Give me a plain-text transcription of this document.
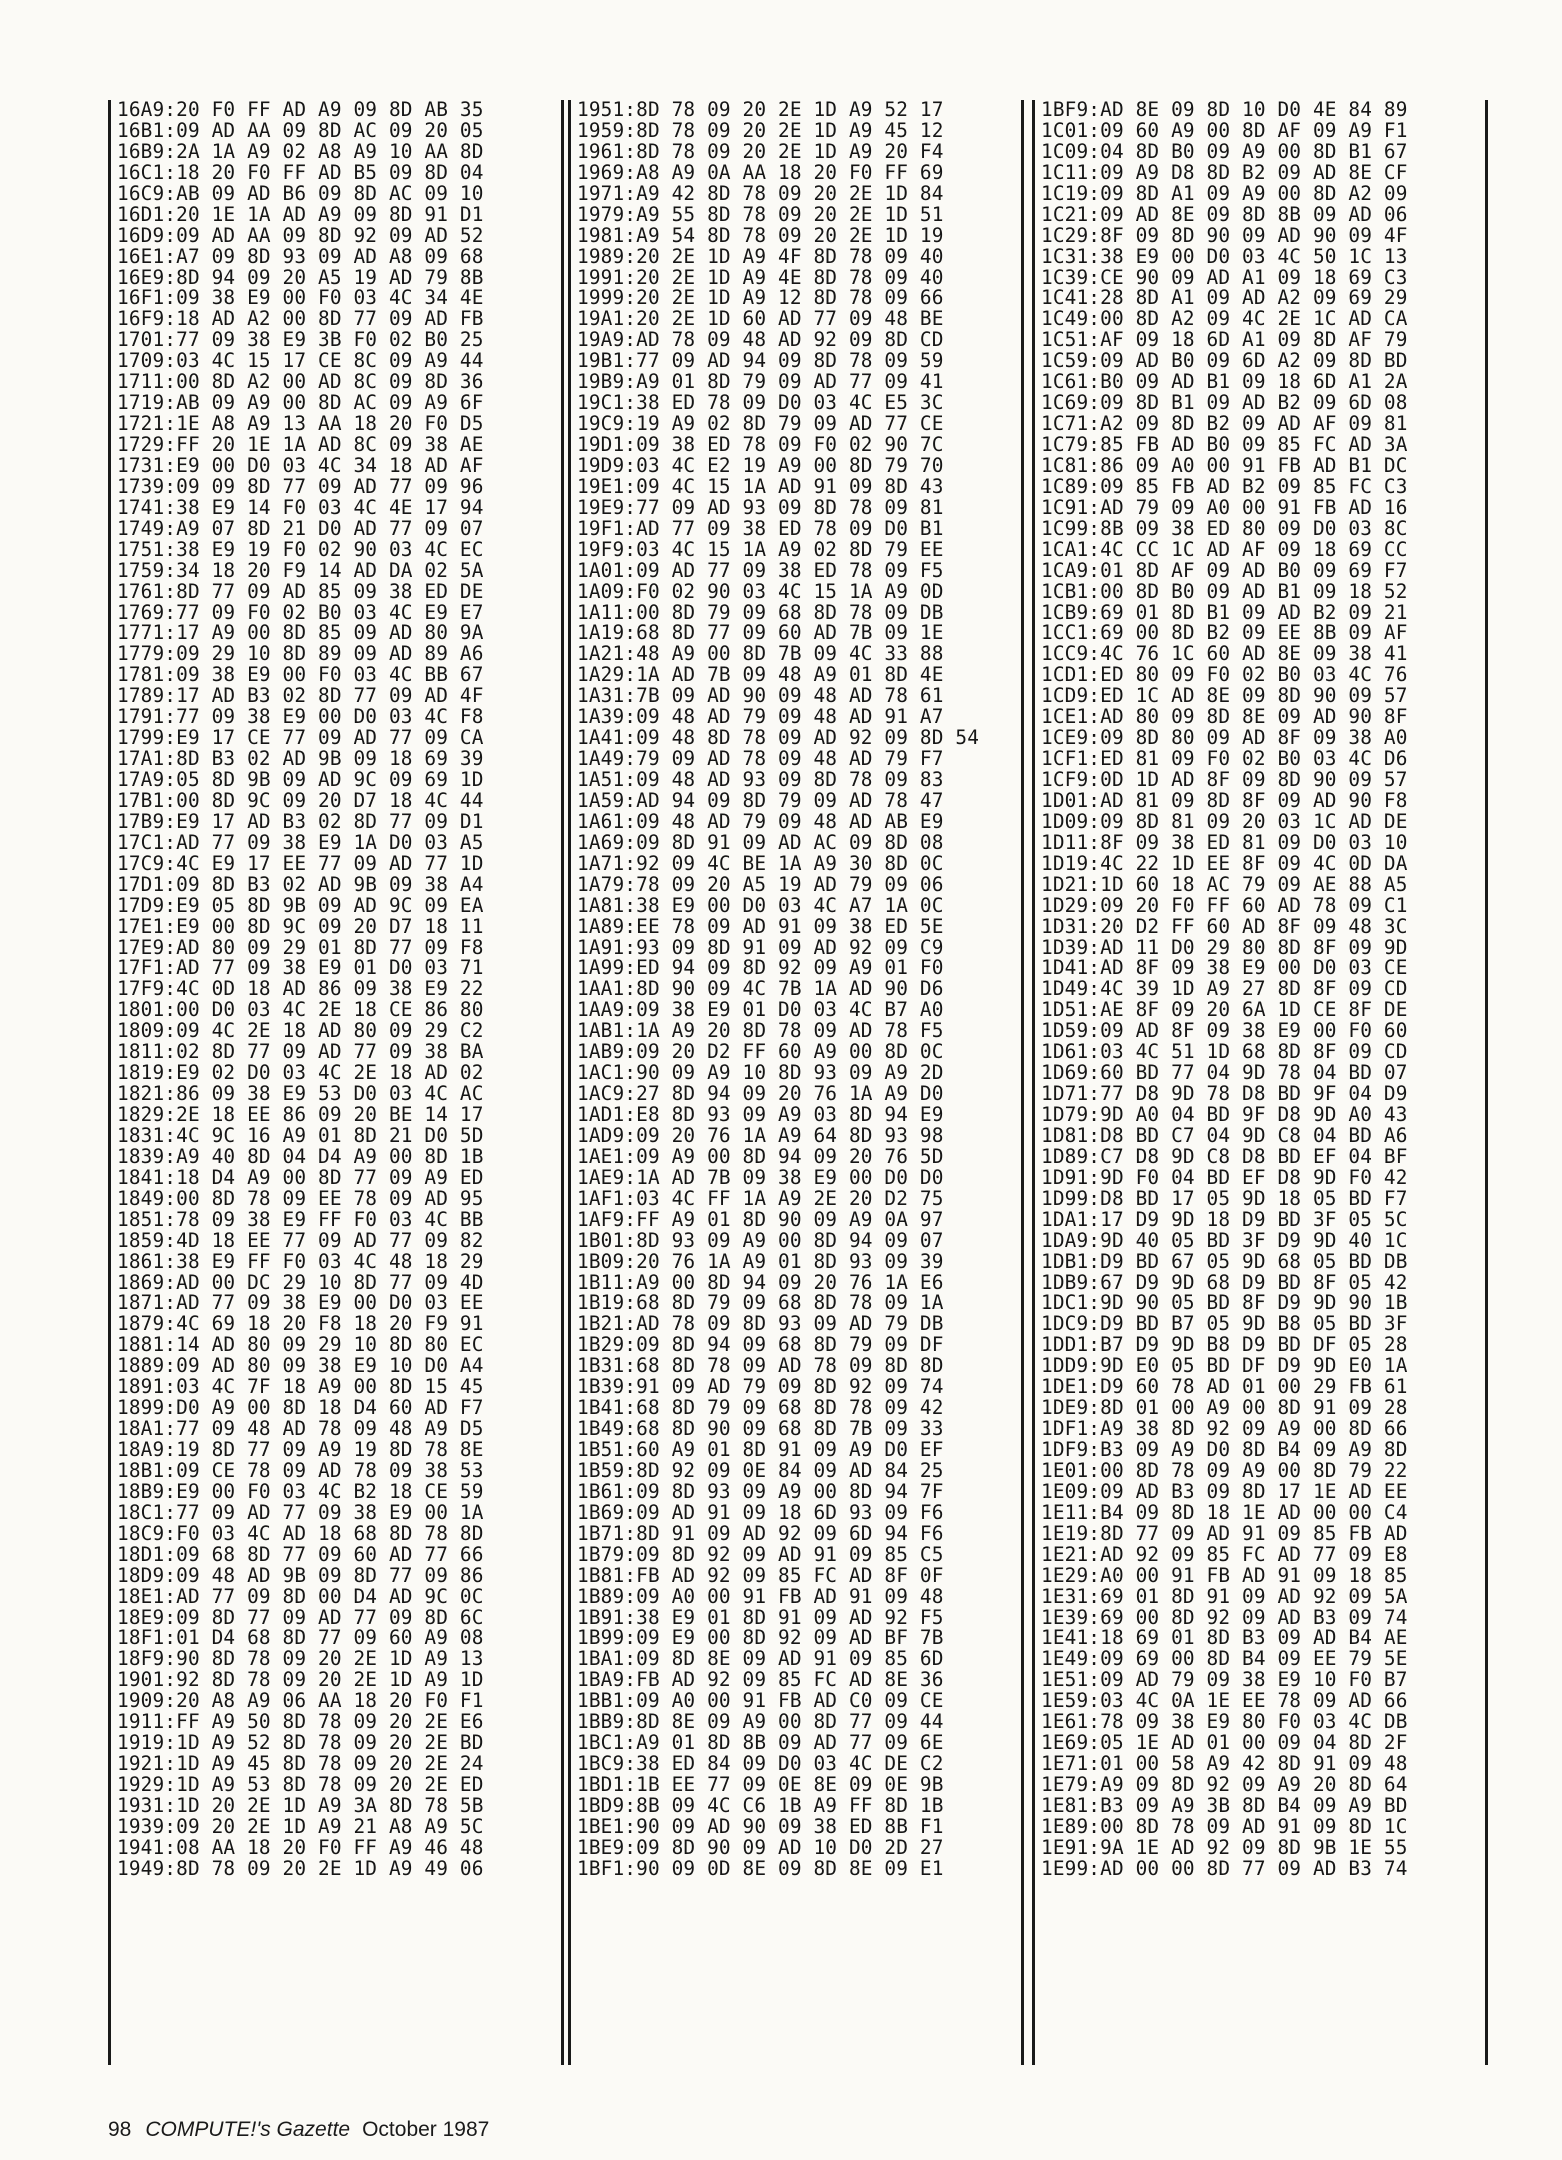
16A9:20 F0 FF AD A9 09 8D AB 35
16B1:09 AD AA 09 8D AC 09 20 05
16B9:2A 1A A9 02 A8 A9 10 AA 8D
16C1:18 20 F0 FF AD B5 09 8D 04
16C9:AB 09 AD B6 09 8D AC 09 10
16D1:20 1E 1A AD A9 09 8D 91 D1
16D9:09 AD AA 09 8D 92 09 AD 52
16E1:A7 09 8D 93 09 AD A8 09 68
16E9:8D 94 09 20 A5 19 AD 79 8B
16F1:09 38 E9 00 F0 03 4C 34 4E
16F9:18 AD A2 00 8D 77 09 AD FB
1701:77 09 38 E9 3B F0 02 B0 25
1709:03 4C 15 17 CE 8C 09 A9 44
1711:00 8D A2 00 AD 8C 09 8D 36
1719:AB 09 A9 00 8D AC 09 A9 6F
1721:1E A8 A9 13 AA 18 20 F0 D5
1729:FF 20 1E 1A AD 8C 09 38 AE
1731:E9 00 D0 03 4C 34 18 AD AF
1739:09 09 8D 77 09 AD 77 09 96
1741:38 E9 14 F0 03 4C 4E 17 94
1749:A9 07 8D 21 D0 AD 77 09 07
1751:38 E9 19 F0 02 90 03 4C EC
1759:34 18 20 F9 14 AD DA 02 5A
1761:8D 77 09 AD 85 09 38 ED DE
1769:77 09 F0 02 B0 03 4C E9 E7
1771:17 A9 00 8D 85 09 AD 80 9A
1779:09 29 10 8D 89 09 AD 89 A6
1781:09 38 E9 00 F0 03 4C BB 67
1789:17 AD B3 02 8D 77 09 AD 4F
1791:77 09 38 E9 00 D0 03 4C F8
1799:E9 17 CE 77 09 AD 77 09 CA
17A1:8D B3 02 AD 9B 09 18 69 39
17A9:05 8D 9B 09 AD 9C 09 69 1D
17B1:00 8D 9C 09 20 D7 18 4C 44
17B9:E9 17 AD B3 02 8D 77 09 D1
17C1:AD 77 09 38 E9 1A D0 03 A5
17C9:4C E9 17 EE 77 09 AD 77 1D
17D1:09 8D B3 02 AD 9B 09 38 A4
17D9:E9 05 8D 9B 09 AD 9C 09 EA
17E1:E9 00 8D 9C 09 20 D7 18 11
17E9:AD 80 09 29 01 8D 77 09 F8
17F1:AD 77 09 38 E9 01 D0 03 71
17F9:4C 0D 18 AD 86 09 38 E9 22
1801:00 D0 03 4C 2E 18 CE 86 80
1809:09 4C 2E 18 AD 80 09 29 C2
1811:02 8D 77 09 AD 77 09 38 BA
1819:E9 02 D0 03 4C 2E 18 AD 02
1821:86 09 38 E9 53 D0 03 4C AC
1829:2E 18 EE 86 09 20 BE 14 17
1831:4C 9C 16 A9 01 8D 21 D0 5D
1839:A9 40 8D 04 D4 A9 00 8D 1B
1841:18 D4 A9 00 8D 77 09 A9 ED
1849:00 8D 78 09 EE 78 09 AD 95
1851:78 09 38 E9 FF F0 03 4C BB
1859:4D 18 EE 77 09 AD 77 09 82
1861:38 E9 FF F0 03 4C 48 18 29
1869:AD 00 DC 29 10 8D 77 09 4D
1871:AD 77 09 38 E9 00 D0 03 EE
1879:4C 69 18 20 F8 18 20 F9 91
1881:14 AD 80 09 29 10 8D 80 EC
1889:09 AD 80 09 38 E9 10 D0 A4
1891:03 4C 7F 18 A9 00 8D 15 45
1899:D0 A9 00 8D 18 D4 60 AD F7
18A1:77 09 48 AD 78 09 48 A9 D5
18A9:19 8D 77 09 A9 19 8D 78 8E
18B1:09 CE 78 09 AD 78 09 38 53
18B9:E9 00 F0 03 4C B2 18 CE 59
18C1:77 09 AD 77 09 38 E9 00 1A
18C9:F0 03 4C AD 18 68 8D 78 8D
18D1:09 68 8D 77 09 60 AD 77 66
18D9:09 48 AD 9B 09 8D 77 09 86
18E1:AD 77 09 8D 00 D4 AD 9C 0C
18E9:09 8D 77 09 AD 77 09 8D 6C
18F1:01 D4 68 8D 77 09 60 A9 08
18F9:90 8D 78 09 20 2E 1D A9 13
1901:92 8D 78 09 20 2E 1D A9 1D
1909:20 A8 A9 06 AA 18 20 F0 F1
1911:FF A9 50 8D 78 09 20 2E E6
1919:1D A9 52 8D 78 09 20 2E BD
1921:1D A9 45 8D 78 09 20 2E 24
1929:1D A9 53 8D 78 09 20 2E ED
1931:1D 20 2E 1D A9 3A 8D 78 5B
1939:09 20 2E 1D A9 21 A8 A9 5C
1941:08 AA 18 20 F0 FF A9 46 48
1949:8D 78 09 20 2E 1D A9 49 06
1951:8D 78 09 20 2E 1D A9 52 17
1959:8D 78 09 20 2E 1D A9 45 12
1961:8D 78 09 20 2E 1D A9 20 F4
1969:A8 A9 0A AA 18 20 F0 FF 69
1971:A9 42 8D 78 09 20 2E 1D 84
1979:A9 55 8D 78 09 20 2E 1D 51
1981:A9 54 8D 78 09 20 2E 1D 19
1989:20 2E 1D A9 4F 8D 78 09 40
1991:20 2E 1D A9 4E 8D 78 09 40
1999:20 2E 1D A9 12 8D 78 09 66
19A1:20 2E 1D 60 AD 77 09 48 BE
19A9:AD 78 09 48 AD 92 09 8D CD
19B1:77 09 AD 94 09 8D 78 09 59
19B9:A9 01 8D 79 09 AD 77 09 41
19C1:38 ED 78 09 D0 03 4C E5 3C
19C9:19 A9 02 8D 79 09 AD 77 CE
19D1:09 38 ED 78 09 F0 02 90 7C
19D9:03 4C E2 19 A9 00 8D 79 70
19E1:09 4C 15 1A AD 91 09 8D 43
19E9:77 09 AD 93 09 8D 78 09 81
19F1:AD 77 09 38 ED 78 09 D0 B1
19F9:03 4C 15 1A A9 02 8D 79 EE
1A01:09 AD 77 09 38 ED 78 09 F5
1A09:F0 02 90 03 4C 15 1A A9 0D
1A11:00 8D 79 09 68 8D 78 09 DB
1A19:68 8D 77 09 60 AD 7B 09 1E
1A21:48 A9 00 8D 7B 09 4C 33 88
1A29:1A AD 7B 09 48 A9 01 8D 4E
1A31:7B 09 AD 90 09 48 AD 78 61
1A39:09 48 AD 79 09 48 AD 91 A7
1A41:09 48 8D 78 09 AD 92 09 8D 54
1A49:79 09 AD 78 09 48 AD 79 F7
1A51:09 48 AD 93 09 8D 78 09 83
1A59:AD 94 09 8D 79 09 AD 78 47
1A61:09 48 AD 79 09 48 AD AB E9
1A69:09 8D 91 09 AD AC 09 8D 08
1A71:92 09 4C BE 1A A9 30 8D 0C
1A79:78 09 20 A5 19 AD 79 09 06
1A81:38 E9 00 D0 03 4C A7 1A 0C
1A89:EE 78 09 AD 91 09 38 ED 5E
1A91:93 09 8D 91 09 AD 92 09 C9
1A99:ED 94 09 8D 92 09 A9 01 F0
1AA1:8D 90 09 4C 7B 1A AD 90 D6
1AA9:09 38 E9 01 D0 03 4C B7 A0
1AB1:1A A9 20 8D 78 09 AD 78 F5
1AB9:09 20 D2 FF 60 A9 00 8D 0C
1AC1:90 09 A9 10 8D 93 09 A9 2D
1AC9:27 8D 94 09 20 76 1A A9 D0
1AD1:E8 8D 93 09 A9 03 8D 94 E9
1AD9:09 20 76 1A A9 64 8D 93 98
1AE1:09 A9 00 8D 94 09 20 76 5D
1AE9:1A AD 7B 09 38 E9 00 D0 D0
1AF1:03 4C FF 1A A9 2E 20 D2 75
1AF9:FF A9 01 8D 90 09 A9 0A 97
1B01:8D 93 09 A9 00 8D 94 09 07
1B09:20 76 1A A9 01 8D 93 09 39
1B11:A9 00 8D 94 09 20 76 1A E6
1B19:68 8D 79 09 68 8D 78 09 1A
1B21:AD 78 09 8D 93 09 AD 79 DB
1B29:09 8D 94 09 68 8D 79 09 DF
1B31:68 8D 78 09 AD 78 09 8D 8D
1B39:91 09 AD 79 09 8D 92 09 74
1B41:68 8D 79 09 68 8D 78 09 42
1B49:68 8D 90 09 68 8D 7B 09 33
1B51:60 A9 01 8D 91 09 A9 D0 EF
1B59:8D 92 09 0E 84 09 AD 84 25
1B61:09 8D 93 09 A9 00 8D 94 7F
1B69:09 AD 91 09 18 6D 93 09 F6
1B71:8D 91 09 AD 92 09 6D 94 F6
1B79:09 8D 92 09 AD 91 09 85 C5
1B81:FB AD 92 09 85 FC AD 8F 0F
1B89:09 A0 00 91 FB AD 91 09 48
1B91:38 E9 01 8D 91 09 AD 92 F5
1B99:09 E9 00 8D 92 09 AD BF 7B
1BA1:09 8D 8E 09 AD 91 09 85 6D
1BA9:FB AD 92 09 85 FC AD 8E 36
1BB1:09 A0 00 91 FB AD C0 09 CE
1BB9:8D 8E 09 A9 00 8D 77 09 44
1BC1:A9 01 8D 8B 09 AD 77 09 6E
1BC9:38 ED 84 09 D0 03 4C DE C2
1BD1:1B EE 77 09 0E 8E 09 0E 9B
1BD9:8B 09 4C C6 1B A9 FF 8D 1B
1BE1:90 09 AD 90 09 38 ED 8B F1
1BE9:09 8D 90 09 AD 10 D0 2D 27
1BF1:90 09 0D 8E 09 8D 8E 09 E1
1BF9:AD 8E 09 8D 10 D0 4E 84 89
1C01:09 60 A9 00 8D AF 09 A9 F1
1C09:04 8D B0 09 A9 00 8D B1 67
1C11:09 A9 D8 8D B2 09 AD 8E CF
1C19:09 8D A1 09 A9 00 8D A2 09
1C21:09 AD 8E 09 8D 8B 09 AD 06
1C29:8F 09 8D 90 09 AD 90 09 4F
1C31:38 E9 00 D0 03 4C 50 1C 13
1C39:CE 90 09 AD A1 09 18 69 C3
1C41:28 8D A1 09 AD A2 09 69 29
1C49:00 8D A2 09 4C 2E 1C AD CA
1C51:AF 09 18 6D A1 09 8D AF 79
1C59:09 AD B0 09 6D A2 09 8D BD
1C61:B0 09 AD B1 09 18 6D A1 2A
1C69:09 8D B1 09 AD B2 09 6D 08
1C71:A2 09 8D B2 09 AD AF 09 81
1C79:85 FB AD B0 09 85 FC AD 3A
1C81:86 09 A0 00 91 FB AD B1 DC
1C89:09 85 FB AD B2 09 85 FC C3
1C91:AD 79 09 A0 00 91 FB AD 16
1C99:8B 09 38 ED 80 09 D0 03 8C
1CA1:4C CC 1C AD AF 09 18 69 CC
1CA9:01 8D AF 09 AD B0 09 69 F7
1CB1:00 8D B0 09 AD B1 09 18 52
1CB9:69 01 8D B1 09 AD B2 09 21
1CC1:69 00 8D B2 09 EE 8B 09 AF
1CC9:4C 76 1C 60 AD 8E 09 38 41
1CD1:ED 80 09 F0 02 B0 03 4C 76
1CD9:ED 1C AD 8E 09 8D 90 09 57
1CE1:AD 80 09 8D 8E 09 AD 90 8F
1CE9:09 8D 80 09 AD 8F 09 38 A0
1CF1:ED 81 09 F0 02 B0 03 4C D6
1CF9:0D 1D AD 8F 09 8D 90 09 57
1D01:AD 81 09 8D 8F 09 AD 90 F8
1D09:09 8D 81 09 20 03 1C AD DE
1D11:8F 09 38 ED 81 09 D0 03 10
1D19:4C 22 1D EE 8F 09 4C 0D DA
1D21:1D 60 18 AC 79 09 AE 88 A5
1D29:09 20 F0 FF 60 AD 78 09 C1
1D31:20 D2 FF 60 AD 8F 09 48 3C
1D39:AD 11 D0 29 80 8D 8F 09 9D
1D41:AD 8F 09 38 E9 00 D0 03 CE
1D49:4C 39 1D A9 27 8D 8F 09 CD
1D51:AE 8F 09 20 6A 1D CE 8F DE
1D59:09 AD 8F 09 38 E9 00 F0 60
1D61:03 4C 51 1D 68 8D 8F 09 CD
1D69:60 BD 77 04 9D 78 04 BD 07
1D71:77 D8 9D 78 D8 BD 9F 04 D9
1D79:9D A0 04 BD 9F D8 9D A0 43
1D81:D8 BD C7 04 9D C8 04 BD A6
1D89:C7 D8 9D C8 D8 BD EF 04 BF
1D91:9D F0 04 BD EF D8 9D F0 42
1D99:D8 BD 17 05 9D 18 05 BD F7
1DA1:17 D9 9D 18 D9 BD 3F 05 5C
1DA9:9D 40 05 BD 3F D9 9D 40 1C
1DB1:D9 BD 67 05 9D 68 05 BD DB
1DB9:67 D9 9D 68 D9 BD 8F 05 42
1DC1:9D 90 05 BD 8F D9 9D 90 1B
1DC9:D9 BD B7 05 9D B8 05 BD 3F
1DD1:B7 D9 9D B8 D9 BD DF 05 28
1DD9:9D E0 05 BD DF D9 9D E0 1A
1DE1:D9 60 78 AD 01 00 29 FB 61
1DE9:8D 01 00 A9 00 8D 91 09 28
1DF1:A9 38 8D 92 09 A9 00 8D 66
1DF9:B3 09 A9 D0 8D B4 09 A9 8D
1E01:00 8D 78 09 A9 00 8D 79 22
1E09:09 AD B3 09 8D 17 1E AD EE
1E11:B4 09 8D 18 1E AD 00 00 C4
1E19:8D 77 09 AD 91 09 85 FB AD
1E21:AD 92 09 85 FC AD 77 09 E8
1E29:A0 00 91 FB AD 91 09 18 85
1E31:69 01 8D 91 09 AD 92 09 5A
1E39:69 00 8D 92 09 AD B3 09 74
1E41:18 69 01 8D B3 09 AD B4 AE
1E49:09 69 00 8D B4 09 EE 79 5E
1E51:09 AD 79 09 38 E9 10 F0 B7
1E59:03 4C 0A 1E EE 78 09 AD 66
1E61:78 09 38 E9 80 F0 03 4C DB
1E69:05 1E AD 01 00 09 04 8D 2F
1E71:01 00 58 A9 42 8D 91 09 48
1E79:A9 09 8D 92 09 A9 20 8D 64
1E81:B3 09 A9 3B 8D B4 09 A9 BD
1E89:00 8D 78 09 AD 91 09 8D 1C
1E91:9A 1E AD 92 09 8D 9B 1E 55
1E99:AD 00 00 8D 77 09 AD B3 74
98 COMPUTE!'s Gazette October 1987
